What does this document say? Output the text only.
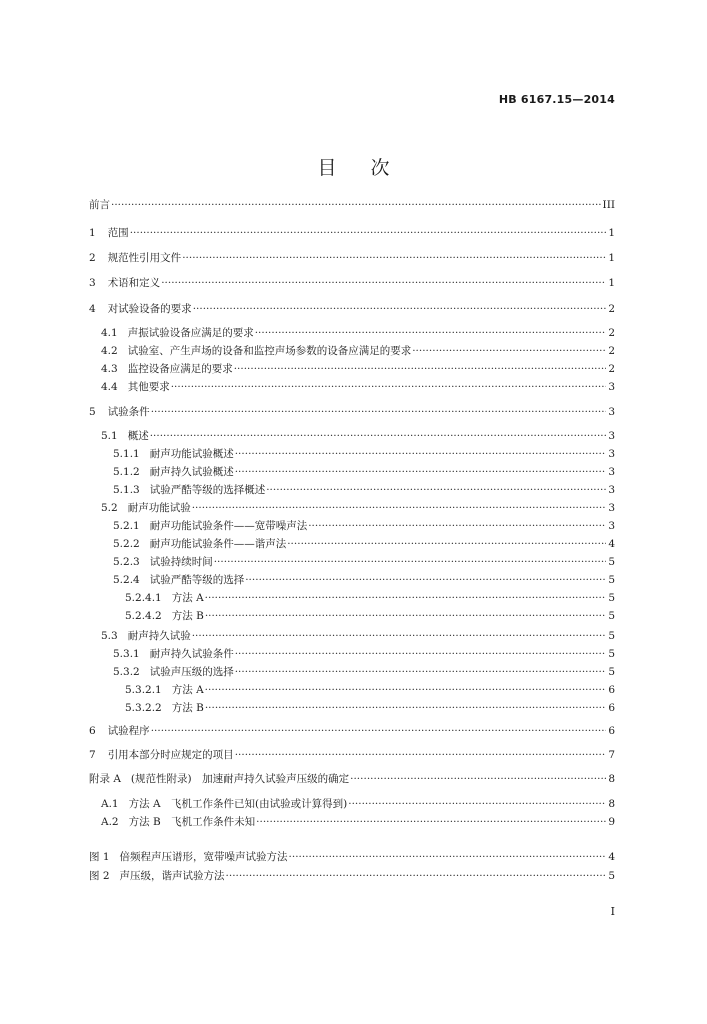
HB 6167.15—2014
目次
前言 ·····	III
1 范围 ·····	1
2 规范性引用文件 ·····	1
3 术语和定义 ·····	1
4 对试验设备的要求 ·····	2
4.1 声振试验设备应满足的要求 ·····	2
4.2 试验室、产生声场的设备和监控声场参数的设备应满足的要求 ·····	2
4.3 监控设备应满足的要求 ·····	2
4.4 其他要求 ·····	3
5 试验条件 ·····	3
5.1 概述 ·····	3
5.1.1 耐声功能试验概述 ·····	3
5.1.2 耐声持久试验概述 ·····	3
5.1.3 试验严酷等级的选择概述 ·····	3
5.2 耐声功能试验 ·····	3
5.2.1 耐声功能试验条件——宽带噪声法 ·····	3
5.2.2 耐声功能试验条件——谐声法 ·····	4
5.2.3 试验持续时间 ·····	5
5.2.4 试验严酷等级的选择 ·····	5
5.2.4.1 方法 A ·····	5
5.2.4.2 方法 B ·····	5
5.3 耐声持久试验 ·····	5
5.3.1 耐声持久试验条件 ·····	5
5.3.2 试验声压级的选择 ·····	5
5.3.2.1 方法 A ·····	6
5.3.2.2 方法 B ·····	6
6 试验程序 ·····	6
7 引用本部分时应规定的项目 ·····	7
附录 A (规范性附录)　加速耐声持久试验声压级的确定 ·····	8
A.1 方法 A　飞机工作条件已知(由试验或计算得到) ·····	8
A.2 方法 B　飞机工作条件未知 ·····	9
图 1 倍频程声压谱形，宽带噪声试验方法 ·····	4
图 2 声压级，谐声试验方法 ·····	5
I
